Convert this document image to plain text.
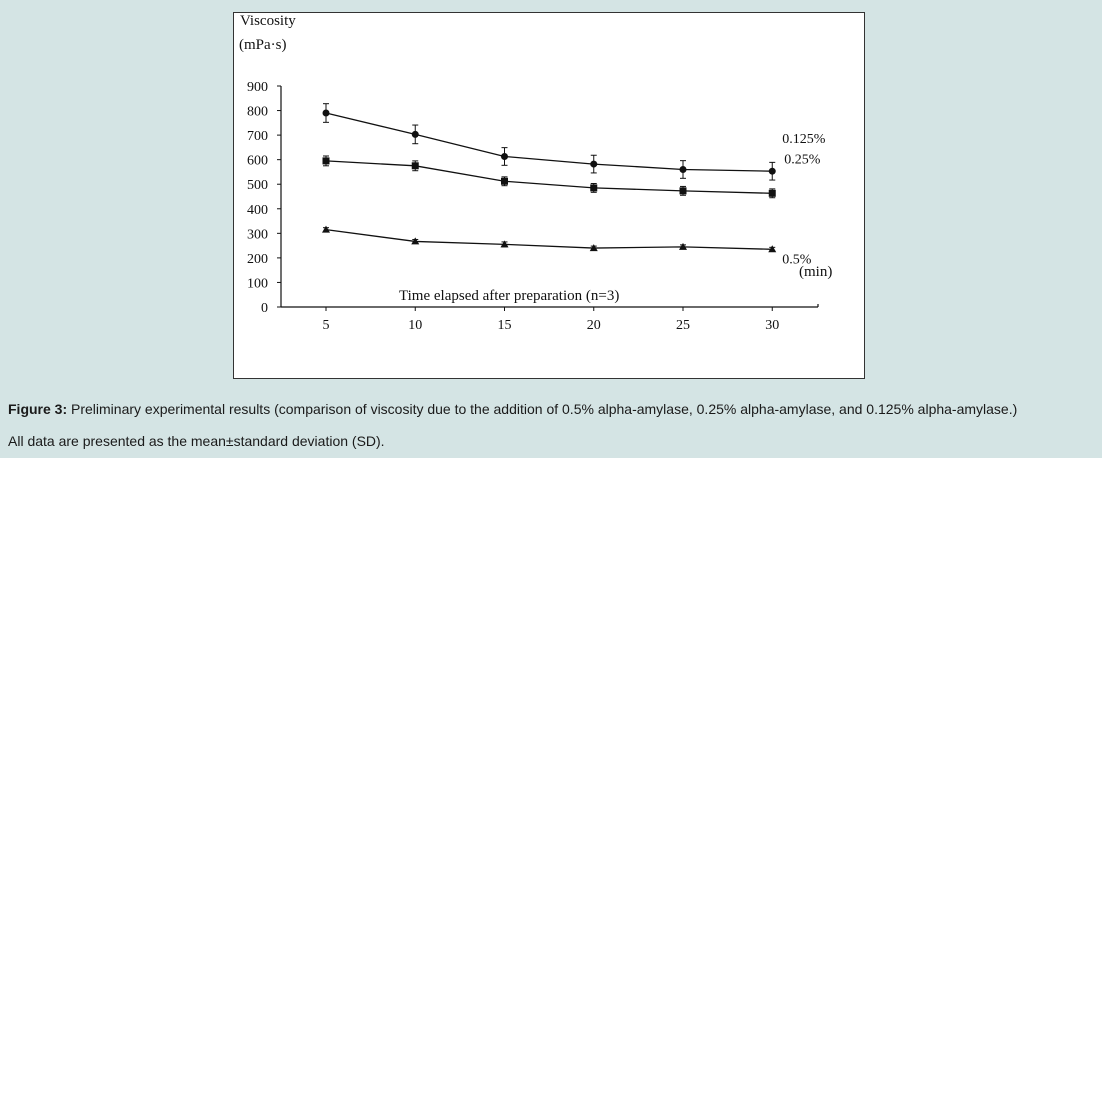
Viscosity
(mPa·s)
Time elapsed after preparation (n=3)
(min)
0
100
200
300
400
500
600
700
800
900
5	10	15	20	25	30
0.125%
0.25%
0.5%
Figure 3: Preliminary experimental results (comparison of viscosity due to the addition of 0.5% alpha-amylase, 0.25% alpha-amylase, and 0.125% alpha-amylase.)
All data are presented as the mean±standard deviation (SD).
